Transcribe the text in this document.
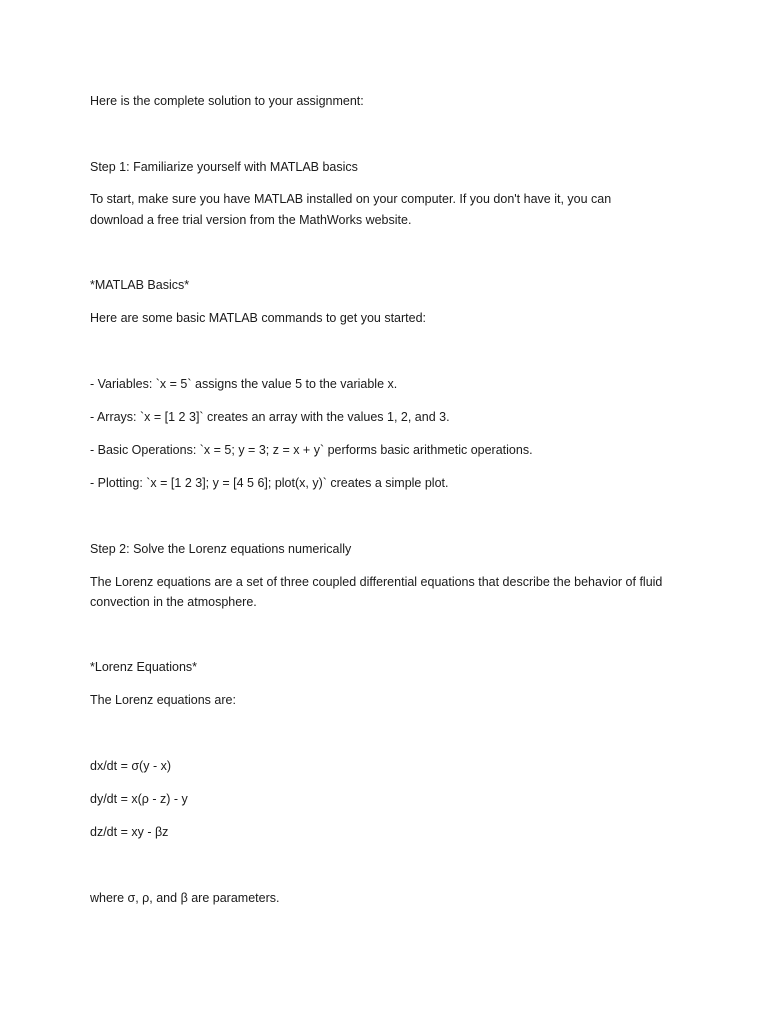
Here is the complete solution to your assignment:
Step 1: Familiarize yourself with MATLAB basics
To start, make sure you have MATLAB installed on your computer. If you don't have it, you can
download a free trial version from the MathWorks website.
*MATLAB Basics*
Here are some basic MATLAB commands to get you started:
- Variables: `x = 5` assigns the value 5 to the variable x.
- Arrays: `x = [1 2 3]` creates an array with the values 1, 2, and 3.
- Basic Operations: `x = 5; y = 3; z = x + y` performs basic arithmetic operations.
- Plotting: `x = [1 2 3]; y = [4 5 6]; plot(x, y)` creates a simple plot.
Step 2: Solve the Lorenz equations numerically
The Lorenz equations are a set of three coupled differential equations that describe the behavior of fluid
convection in the atmosphere.
*Lorenz Equations*
The Lorenz equations are:
dx/dt = σ(y - x)
dy/dt = x(ρ - z) - y
dz/dt = xy - βz
where σ, ρ, and β are parameters.
